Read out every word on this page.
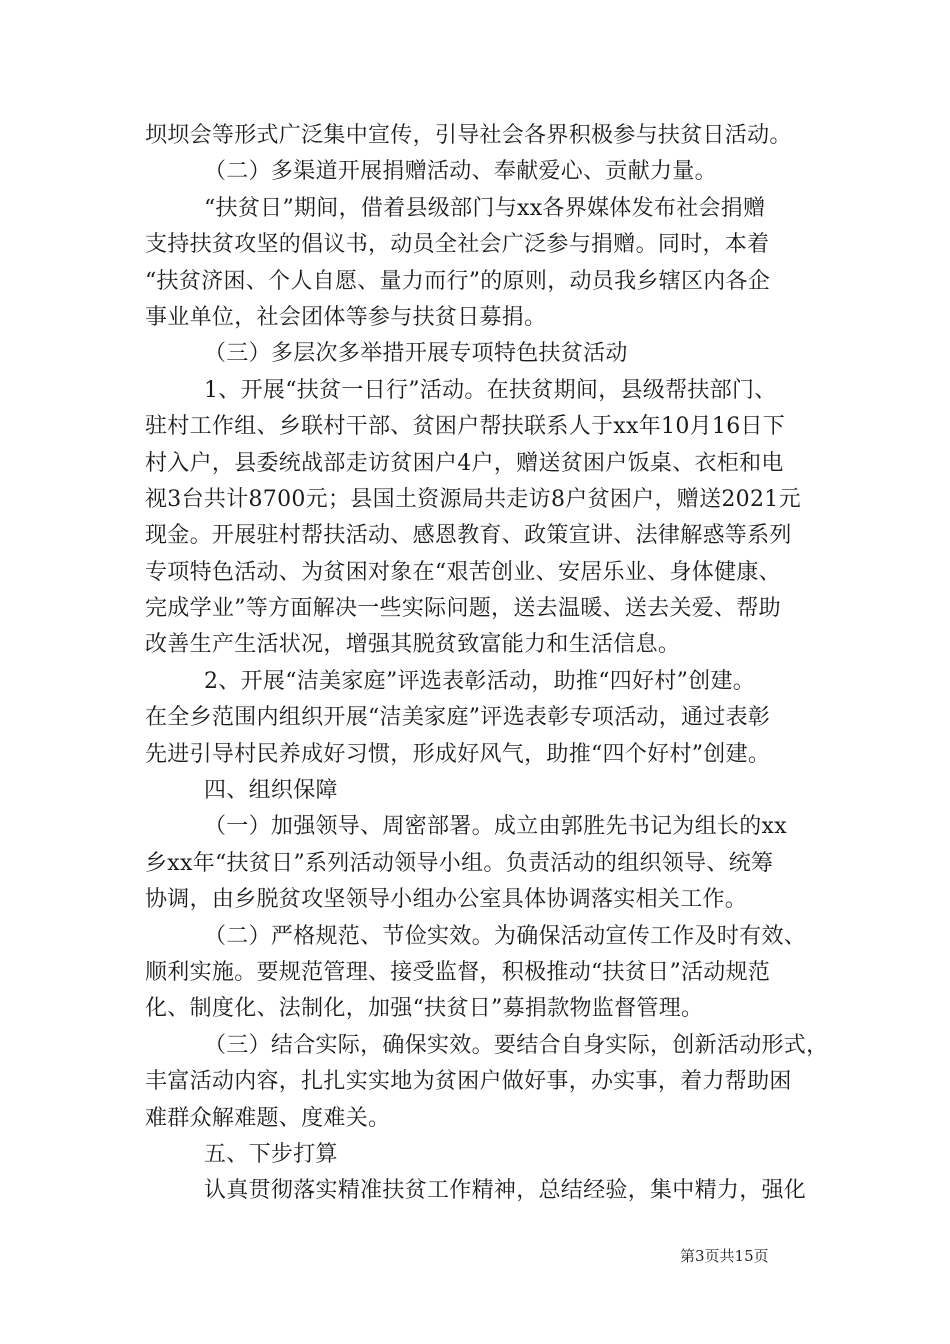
坝坝会等形式广泛集中宣传，引导社会各界积极参与扶贫日活动。
（二）多渠道开展捐赠活动、奉献爱心、贡献力量。
“扶贫日”期间，借着县级部门与xx各界媒体发布社会捐赠
支持扶贫攻坚的倡议书，动员全社会广泛参与捐赠。同时，本着
“扶贫济困、个人自愿、量力而行”的原则，动员我乡辖区内各企
事业单位，社会团体等参与扶贫日募捐。
（三）多层次多举措开展专项特色扶贫活动
1、开展“扶贫一日行”活动。在扶贫期间，县级帮扶部门、
驻村工作组、乡联村干部、贫困户帮扶联系人于xx年10月16日下
村入户，县委统战部走访贫困户4户，赠送贫困户饭桌、衣柜和电
视3台共计8700元；县国土资源局共走访8户贫困户，赠送2021元
现金。开展驻村帮扶活动、感恩教育、政策宣讲、法律解惑等系列
专项特色活动、为贫困对象在“艰苦创业、安居乐业、身体健康、
完成学业”等方面解决一些实际问题，送去温暖、送去关爱、帮助
改善生产生活状况，增强其脱贫致富能力和生活信息。
2、开展“洁美家庭”评选表彰活动，助推“四好村”创建。
在全乡范围内组织开展“洁美家庭”评选表彰专项活动，通过表彰
先进引导村民养成好习惯，形成好风气，助推“四个好村”创建。
四、组织保障
（一）加强领导、周密部署。成立由郭胜先书记为组长的xx
乡xx年“扶贫日”系列活动领导小组。负责活动的组织领导、统筹
协调，由乡脱贫攻坚领导小组办公室具体协调落实相关工作。
（二）严格规范、节俭实效。为确保活动宣传工作及时有效、
顺利实施。要规范管理、接受监督，积极推动“扶贫日”活动规范
化、制度化、法制化，加强“扶贫日”募捐款物监督管理。
（三）结合实际，确保实效。要结合自身实际，创新活动形式，
丰富活动内容，扎扎实实地为贫困户做好事，办实事，着力帮助困
难群众解难题、度难关。
五、下步打算
认真贯彻落实精准扶贫工作精神，总结经验，集中精力，强化
第3页共15页
